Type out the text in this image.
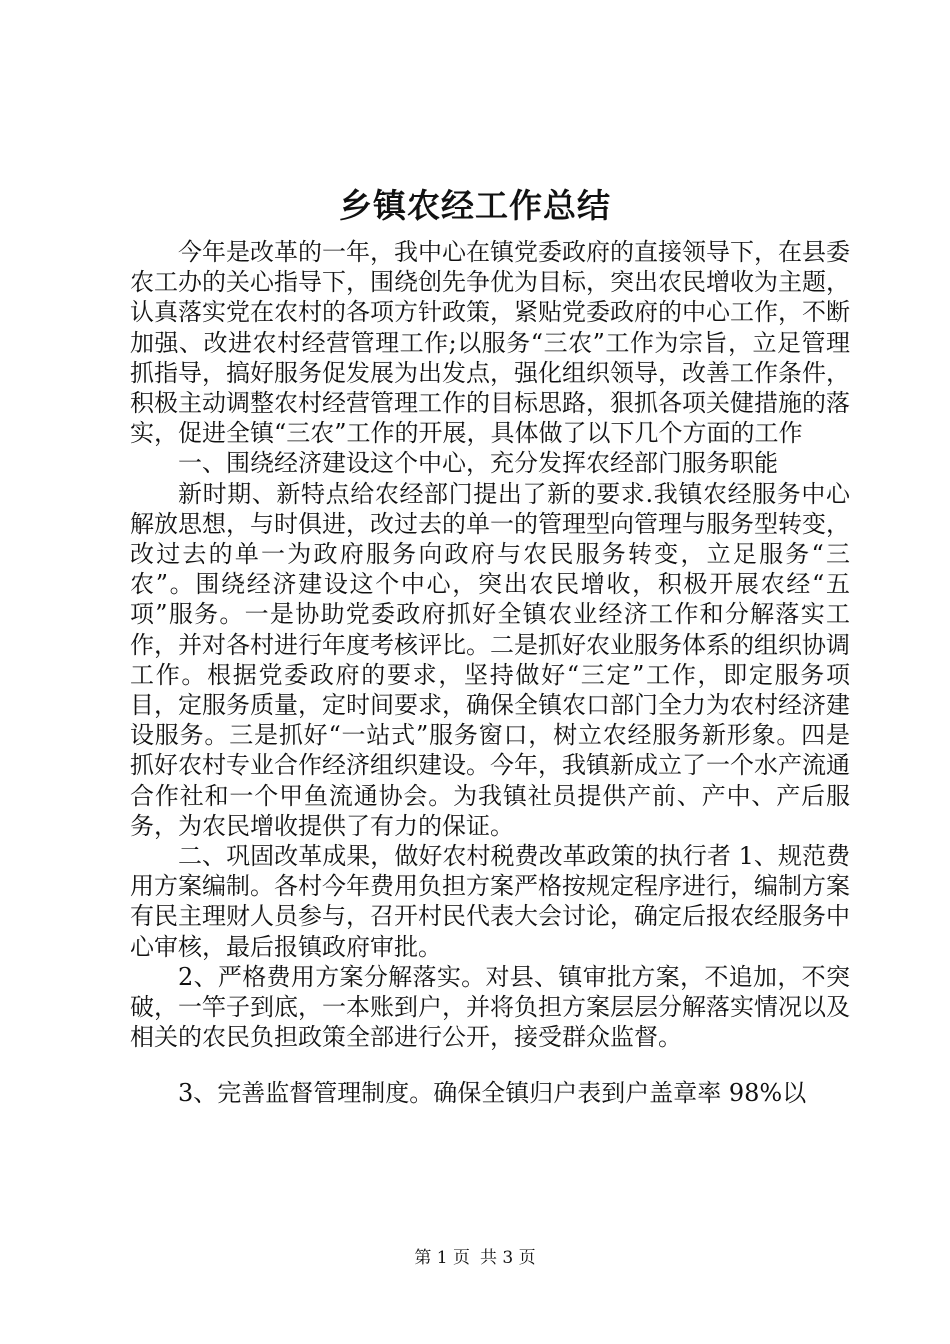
乡镇农经工作总结

今年是改革的一年，我中心在镇党委政府的直接领导下，在县委农工办的关心指导下，围绕创先争优为目标，突出农民增收为主题，认真落实党在农村的各项方针政策，紧贴党委政府的中心工作，不断加强、改进农村经营管理工作;以服务“三农”工作为宗旨，立足管理抓指导，搞好服务促发展为出发点，强化组织领导，改善工作条件，积极主动调整农村经营管理工作的目标思路，狠抓各项关健措施的落实，促进全镇“三农”工作的开展，具体做了以下几个方面的工作

一、围绕经济建设这个中心，充分发挥农经部门服务职能

新时期、新特点给农经部门提出了新的要求.我镇农经服务中心解放思想，与时俱进，改过去的单一的管理型向管理与服务型转变，改过去的单一为政府服务向政府与农民服务转变，立足服务“三农”。围绕经济建设这个中心，突出农民增收，积极开展农经“五项”服务。一是协助党委政府抓好全镇农业经济工作和分解落实工作，并对各村进行年度考核评比。二是抓好农业服务体系的组织协调工作。根据党委政府的要求，坚持做好“三定”工作，即定服务项目，定服务质量，定时间要求，确保全镇农口部门全力为农村经济建设服务。三是抓好“一站式”服务窗口，树立农经服务新形象。四是抓好农村专业合作经济组织建设。今年，我镇新成立了一个水产流通合作社和一个甲鱼流通协会。为我镇社员提供产前、产中、产后服务，为农民增收提供了有力的保证。

二、巩固改革成果，做好农村税费改革政策的执行者 1、规范费用方案编制。各村今年费用负担方案严格按规定程序进行，编制方案有民主理财人员参与，召开村民代表大会讨论，确定后报农经服务中心审核，最后报镇政府审批。

2、严格费用方案分解落实。对县、镇审批方案，不追加，不突破，一竿子到底，一本账到户，并将负担方案层层分解落实情况以及相关的农民负担政策全部进行公开，接受群众监督。

3、完善监督管理制度。确保全镇归户表到户盖章率 98%以

第 1 页 共 3 页
